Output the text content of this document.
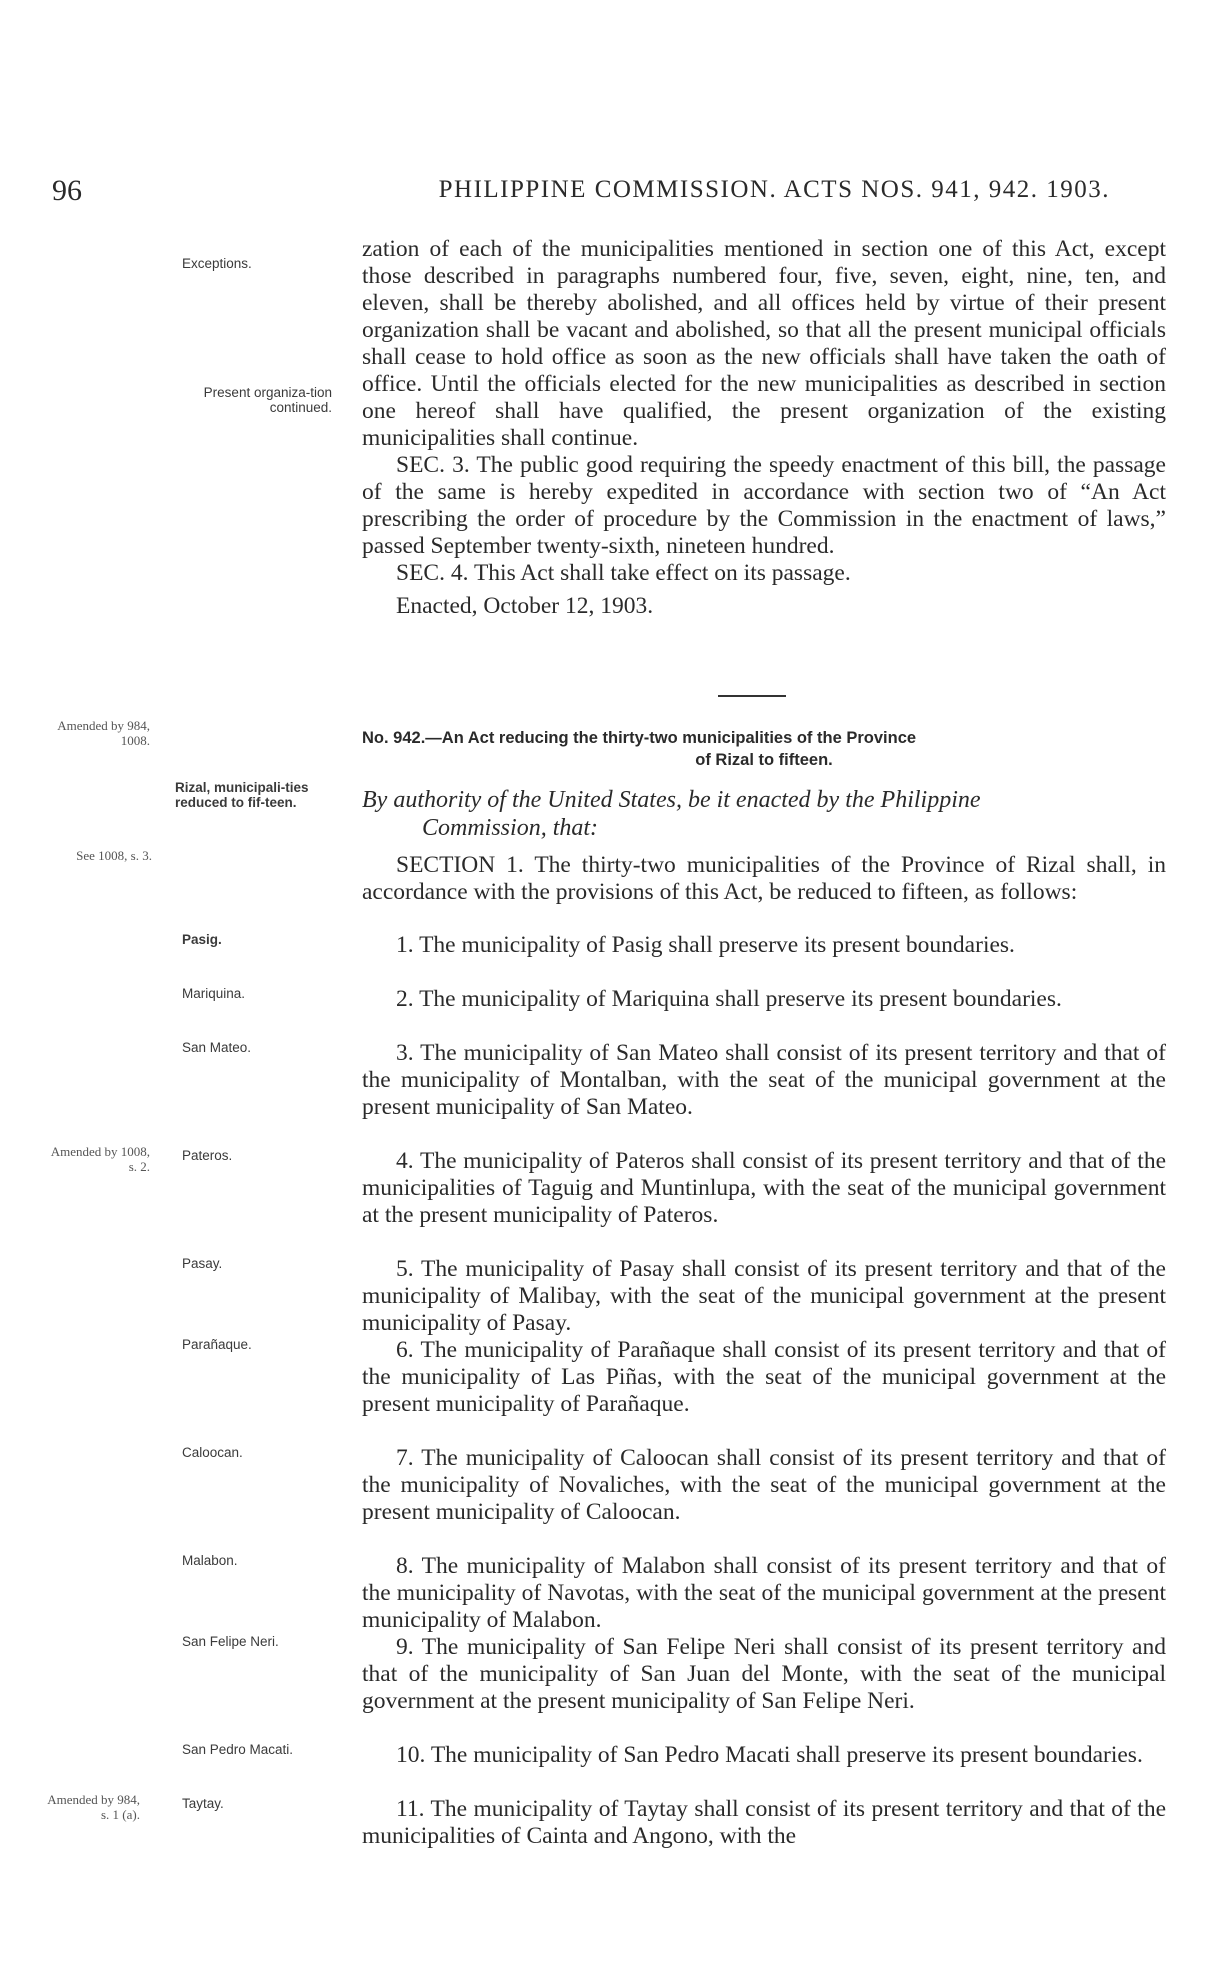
96	PHILIPPINE COMMISSION. ACTS NOS. 941, 942. 1903.
Exceptions.
Present organiza-tion continued.

zation of each of the municipalities mentioned in section one of this Act, except those described in paragraphs numbered four, five, seven, eight, nine, ten, and eleven, shall be thereby abolished, and all offices held by virtue of their present organization shall be vacant and abolished, so that all the present municipal officials shall cease to hold office as soon as the new officials shall have taken the oath of office. Until the officials elected for the new municipalities as described in section one hereof shall have qualified, the present organization of the existing municipalities shall continue.

SEC. 3. The public good requiring the speedy enactment of this bill, the passage of the same is hereby expedited in accordance with section two of “An Act prescribing the order of procedure by the Commission in the enactment of laws,” passed September twenty-sixth, nineteen hundred.

SEC. 4. This Act shall take effect on its passage.

Enacted, October 12, 1903.

Amended by 984, 1008.
See 1008, s. 3.
Amended by 1008, s. 2.
Amended by 984, s. 1 (a).
No. 942.—An Act reducing the thirty-two municipalities of the Province
of Rizal to fifteen.
Rizal, municipali-ties reduced to fif-teen.	By authority of the United States, be it enacted by the Philippine
Commission, that:

SECTION 1. The thirty-two municipalities of the Province of Rizal shall, in accordance with the provisions of this Act, be reduced to fifteen, as follows:

Pasig.	1. The municipality of Pasig shall preserve its present boundaries.
Mariquina.	2. The municipality of Mariquina shall preserve its present boundaries.
San Mateo.	3. The municipality of San Mateo shall consist of its present territory and that of the municipality of Montalban, with the seat of the municipal government at the present municipality of San Mateo.
Pateros.	4. The municipality of Pateros shall consist of its present territory and that of the municipalities of Taguig and Muntinlupa, with the seat of the municipal government at the present municipality of Pateros.
Pasay.	5. The municipality of Pasay shall consist of its present territory and that of the municipality of Malibay, with the seat of the municipal government at the present municipality of Pasay.
Parañaque.	6. The municipality of Parañaque shall consist of its present territory and that of the municipality of Las Piñas, with the seat of the municipal government at the present municipality of Parañaque.
Caloocan.	7. The municipality of Caloocan shall consist of its present territory and that of the municipality of Novaliches, with the seat of the municipal government at the present municipality of Caloocan.
Malabon.	8. The municipality of Malabon shall consist of its present territory and that of the municipality of Navotas, with the seat of the municipal government at the present municipality of Malabon.
San Felipe Neri.	9. The municipality of San Felipe Neri shall consist of its present territory and that of the municipality of San Juan del Monte, with the seat of the municipal government at the present municipality of San Felipe Neri.
San Pedro Macati.	10. The municipality of San Pedro Macati shall preserve its present boundaries.
Taytay.	11. The municipality of Taytay shall consist of its present territory and that of the municipalities of Cainta and Angono, with the
